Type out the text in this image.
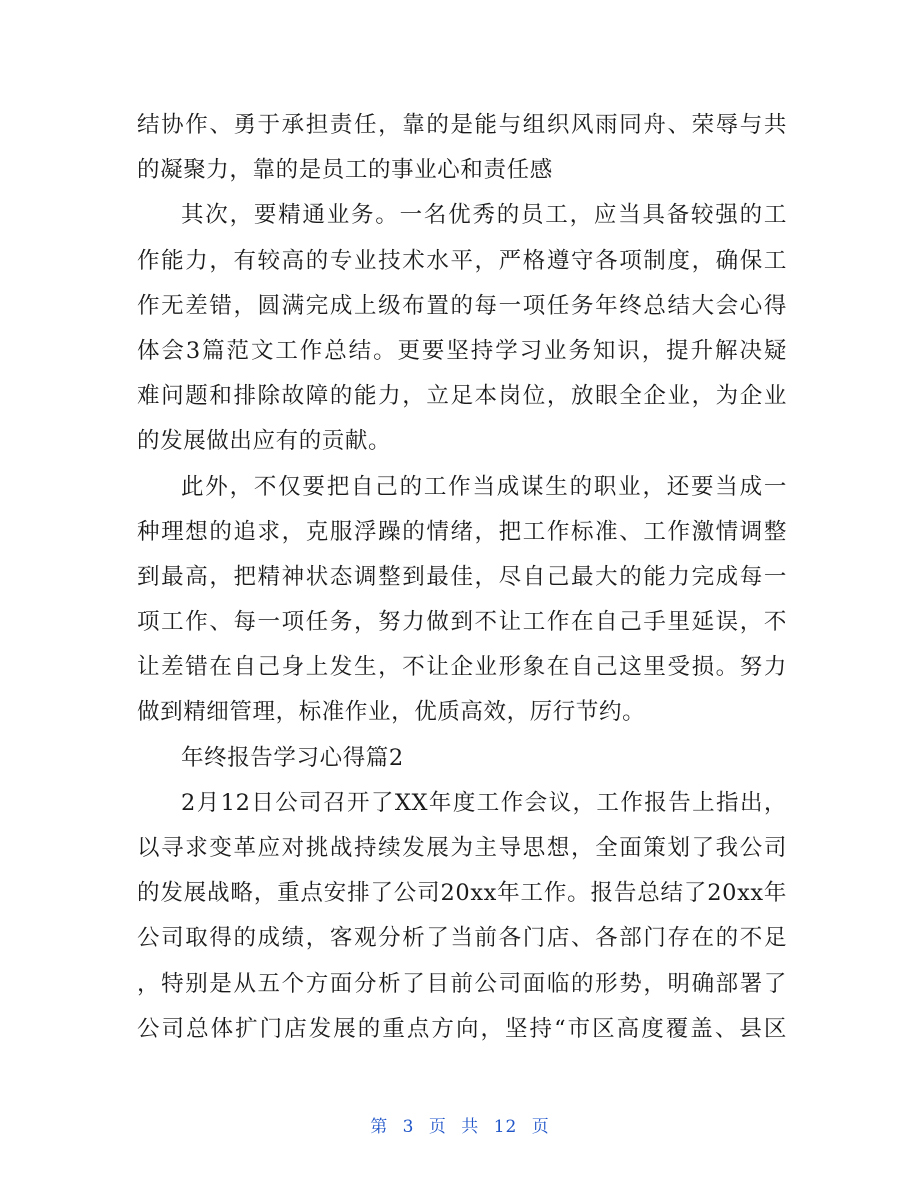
结协作、勇于承担责任，靠的是能与组织风雨同舟、荣辱与共
的凝聚力，靠的是员工的事业心和责任感
其次，要精通业务。一名优秀的员工，应当具备较强的工
作能力，有较高的专业技术水平，严格遵守各项制度，确保工
作无差错，圆满完成上级布置的每一项任务年终总结大会心得
体会3篇范文工作总结。更要坚持学习业务知识，提升解决疑
难问题和排除故障的能力，立足本岗位，放眼全企业，为企业
的发展做出应有的贡献。
此外，不仅要把自己的工作当成谋生的职业，还要当成一
种理想的追求，克服浮躁的情绪，把工作标准、工作激情调整
到最高，把精神状态调整到最佳，尽自己最大的能力完成每一
项工作、每一项任务，努力做到不让工作在自己手里延误，不
让差错在自己身上发生，不让企业形象在自己这里受损。努力
做到精细管理，标准作业，优质高效，厉行节约。
年终报告学习心得篇2
2月12日公司召开了XX年度工作会议，工作报告上指出，
以寻求变革应对挑战持续发展为主导思想，全面策划了我公司
的发展战略，重点安排了公司20xx年工作。报告总结了20xx年
公司取得的成绩，客观分析了当前各门店、各部门存在的不足
，特别是从五个方面分析了目前公司面临的形势，明确部署了
公司总体扩门店发展的重点方向，坚持“市区高度覆盖、县区
第 3 页 共 12 页
